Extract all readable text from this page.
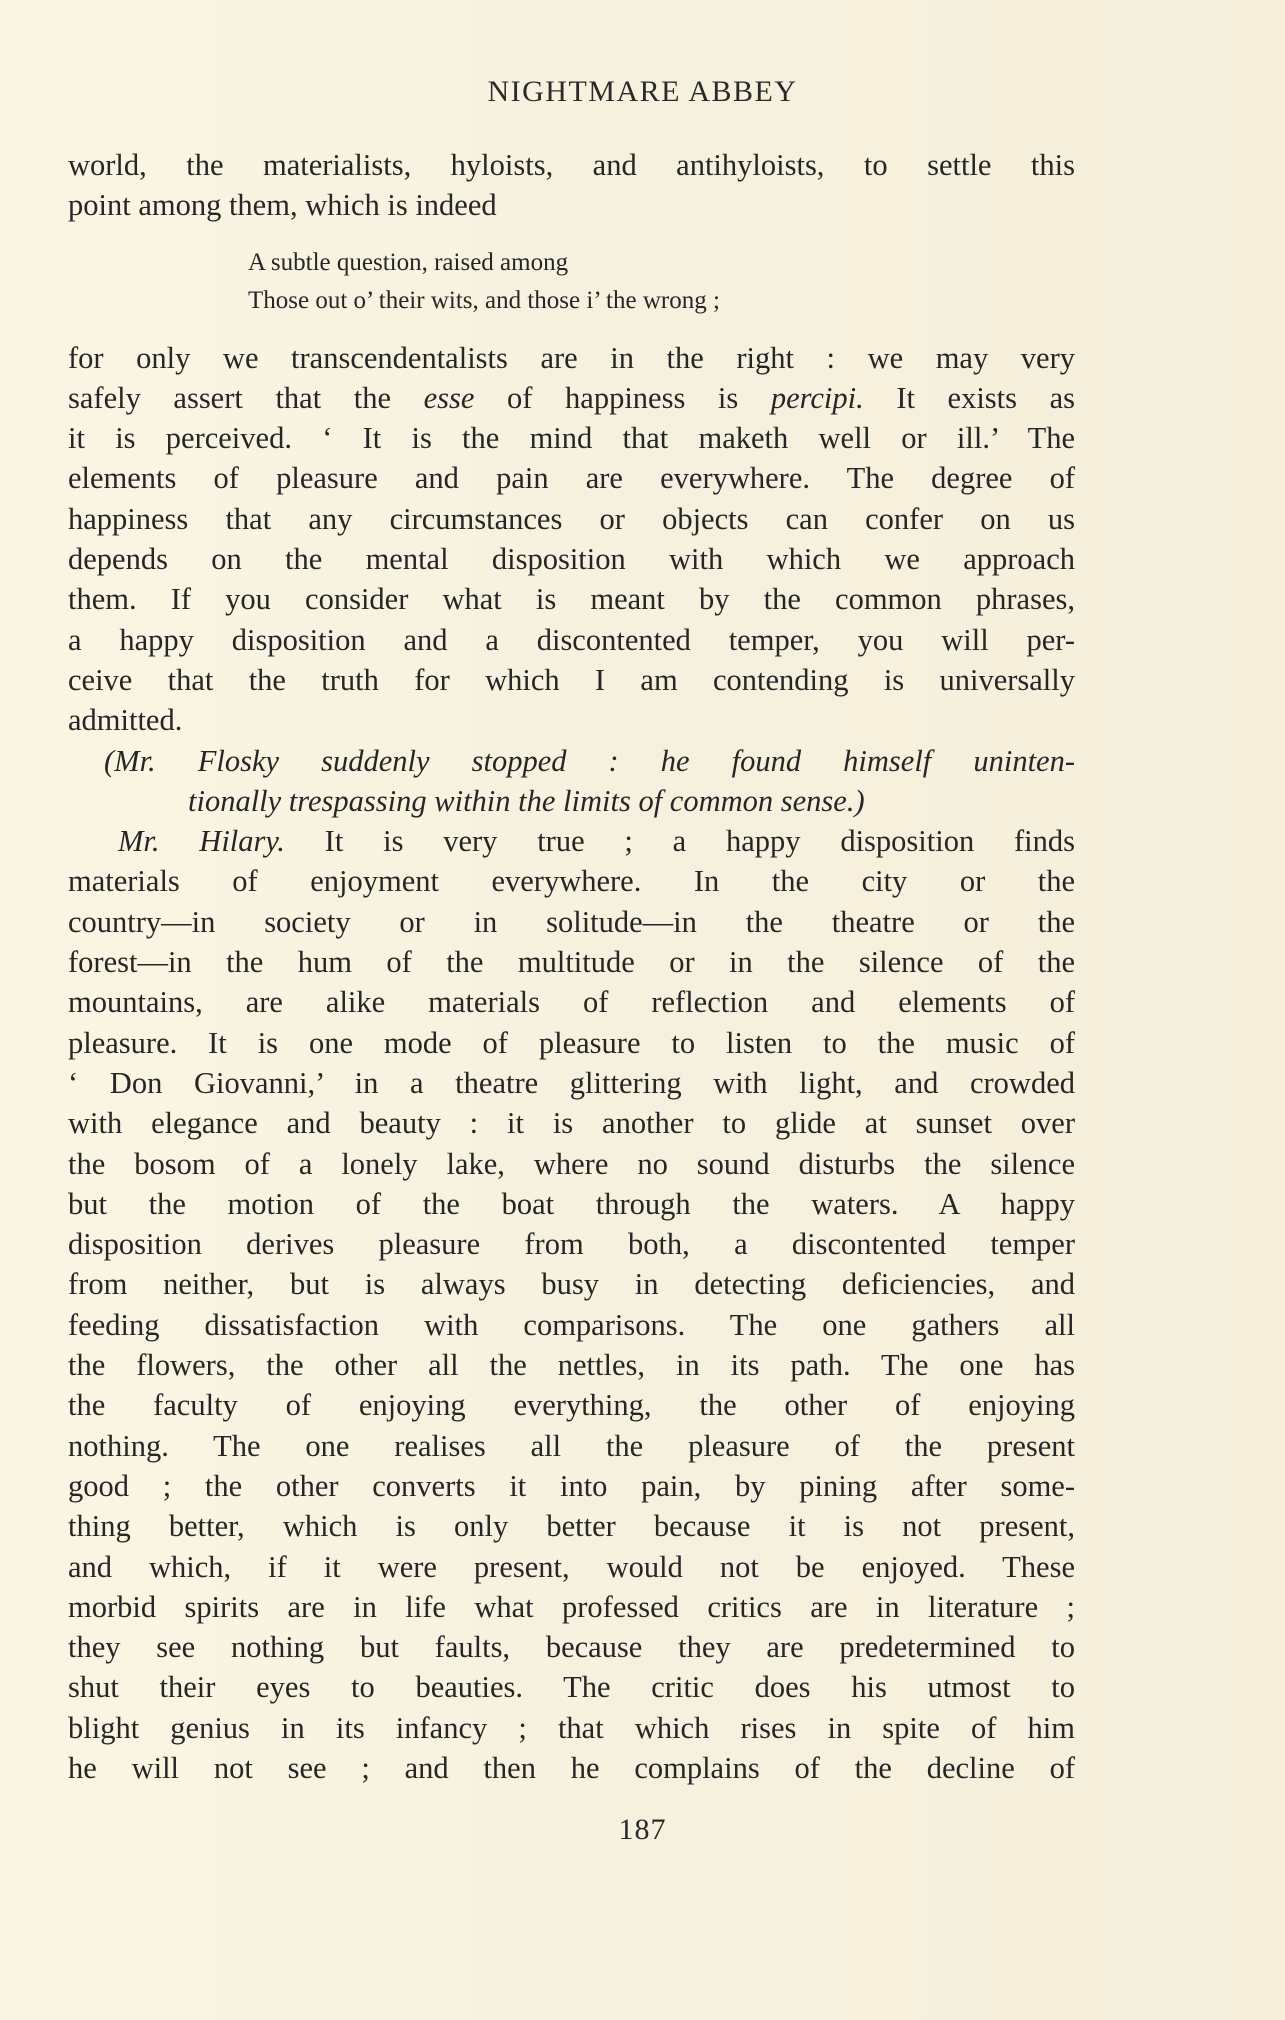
NIGHTMARE ABBEY
world, the materialists, hyloists, and antihyloists, to settle this
point among them, which is indeed
A subtle question, raised among
Those out o’ their wits, and those i’ the wrong ;
for only we transcendentalists are in the right : we may very
safely assert that the esse of happiness is percipi. It exists as
it is perceived. ‘ It is the mind that maketh well or ill.’ The
elements of pleasure and pain are everywhere. The degree of
happiness that any circumstances or objects can confer on us
depends on the mental disposition with which we approach
them. If you consider what is meant by the common phrases,
a happy disposition and a discontented temper, you will per-
ceive that the truth for which I am contending is universally
admitted.
(Mr. Flosky suddenly stopped : he found himself uninten-
tionally trespassing within the limits of common sense.)
Mr. Hilary. It is very true ; a happy disposition finds
materials of enjoyment everywhere. In the city or the
country—in society or in solitude—in the theatre or the
forest—in the hum of the multitude or in the silence of the
mountains, are alike materials of reflection and elements of
pleasure. It is one mode of pleasure to listen to the music of
‘ Don Giovanni,’ in a theatre glittering with light, and crowded
with elegance and beauty : it is another to glide at sunset over
the bosom of a lonely lake, where no sound disturbs the silence
but the motion of the boat through the waters. A happy
disposition derives pleasure from both, a discontented temper
from neither, but is always busy in detecting deficiencies, and
feeding dissatisfaction with comparisons. The one gathers all
the flowers, the other all the nettles, in its path. The one has
the faculty of enjoying everything, the other of enjoying
nothing. The one realises all the pleasure of the present
good ; the other converts it into pain, by pining after some-
thing better, which is only better because it is not present,
and which, if it were present, would not be enjoyed. These
morbid spirits are in life what professed critics are in literature ;
they see nothing but faults, because they are predetermined to
shut their eyes to beauties. The critic does his utmost to
blight genius in its infancy ; that which rises in spite of him
he will not see ; and then he complains of the decline of
187
